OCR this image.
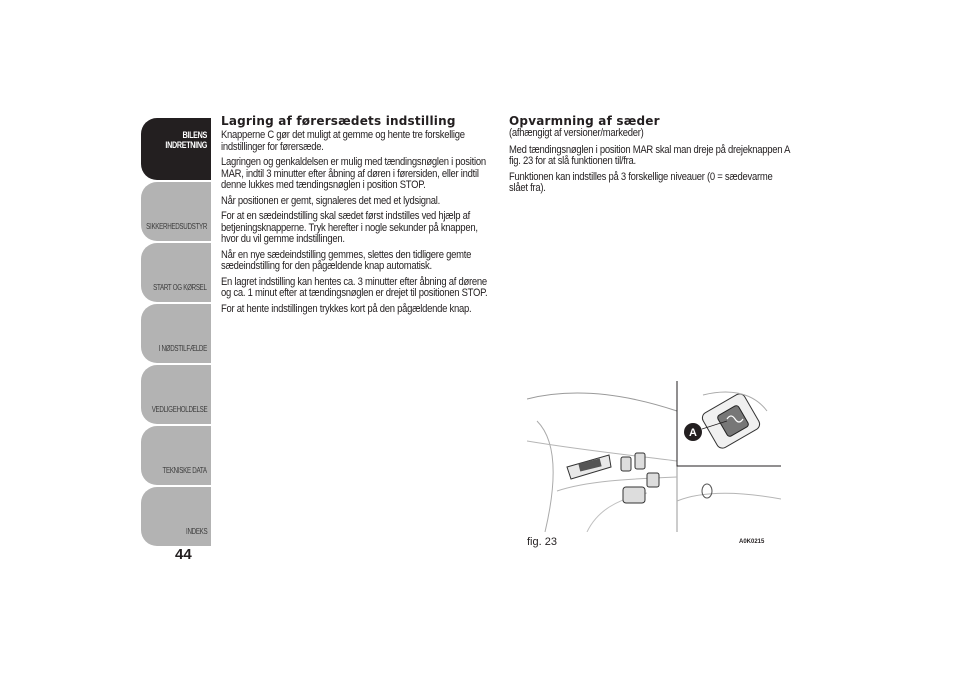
BILENS
INDRETNING
SIKKERHEDSUDSTYR
START OG KØRSEL
I NØDSTILFÆLDE
VEDLIGEHOLDELSE
TEKNISKE DATA
INDEKS
44
Lagring af førersædets indstilling

Knapperne C gør det muligt at gemme og hente tre forskellige indstillinger for førersæde.

Lagringen og genkaldelsen er mulig med tændingsnøglen i position MAR, indtil 3 minutter efter åbning af døren i førersiden, eller indtil denne lukkes med tændingsnøglen i position STOP.

Når positionen er gemt, signaleres det med et lydsignal.

For at en sædeindstilling skal sædet først indstilles ved hjælp af betjeningsknapperne. Tryk herefter i nogle sekunder på knappen, hvor du vil gemme indstillingen.

Når en nye sædeindstilling gemmes, slettes den tidligere gemte sædeindstilling for den pågældende knap automatisk.

En lagret indstilling kan hentes ca. 3 minutter efter åbning af dørene og ca. 1 minut efter at tændingsnøglen er drejet til positionen STOP.

For at hente indstillingen trykkes kort på den pågældende knap.

Opvarmning af sæder

(afhængigt af versioner/markeder)

Med tændingsnøglen i position MAR skal man dreje på drejeknappen A fig. 23 for at slå funktionen til/fra.

Funktionen kan indstilles på 3 forskellige niveauer (0 = sædevarme slået fra).

A
fig. 23	A0K0215
